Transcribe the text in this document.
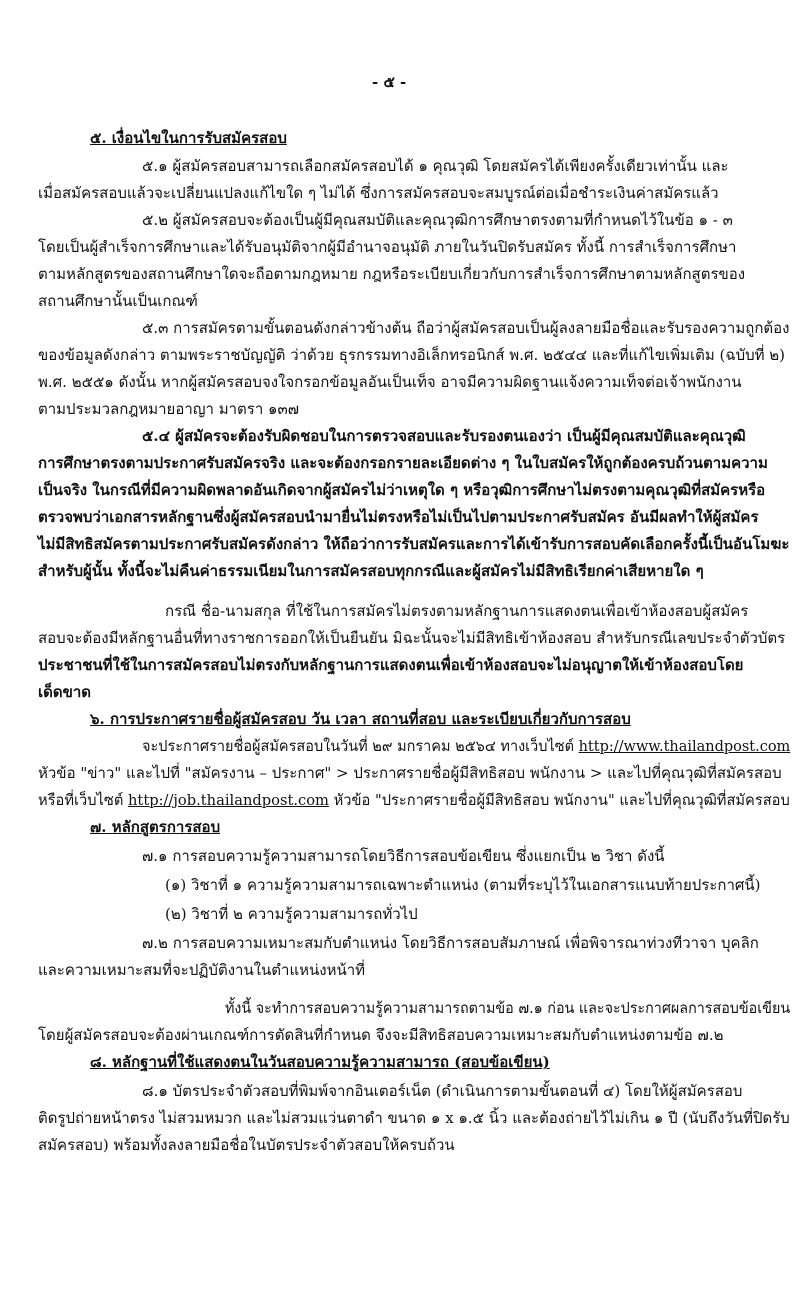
- ๕ -
๕. เงื่อนไขในการรับสมัครสอบ
๕.๑ ผู้สมัครสอบสามารถเลือกสมัครสอบได้ ๑ คุณวุฒิ โดยสมัครได้เพียงครั้งเดียวเท่านั้น และ
เมื่อสมัครสอบแล้วจะเปลี่ยนแปลงแก้ไขใด ๆ ไม่ได้ ซึ่งการสมัครสอบจะสมบูรณ์ต่อเมื่อชำระเงินค่าสมัครแล้ว
๕.๒ ผู้สมัครสอบจะต้องเป็นผู้มีคุณสมบัติและคุณวุฒิการศึกษาตรงตามที่กำหนดไว้ในข้อ ๑ - ๓
โดยเป็นผู้สำเร็จการศึกษาและได้รับอนุมัติจากผู้มีอำนาจอนุมัติ ภายในวันปิดรับสมัคร ทั้งนี้ การสำเร็จการศึกษา
ตามหลักสูตรของสถานศึกษาใดจะถือตามกฎหมาย กฎหรือระเบียบเกี่ยวกับการสำเร็จการศึกษาตามหลักสูตรของ
สถานศึกษานั้นเป็นเกณฑ์
๕.๓ การสมัครตามขั้นตอนดังกล่าวข้างต้น ถือว่าผู้สมัครสอบเป็นผู้ลงลายมือชื่อและรับรองความถูกต้อง
ของข้อมูลดังกล่าว ตามพระราชบัญญัติ ว่าด้วย ธุรกรรมทางอิเล็กทรอนิกส์ พ.ศ. ๒๕๔๔ และที่แก้ไขเพิ่มเติม (ฉบับที่ ๒)
พ.ศ. ๒๕๕๑ ดังนั้น หากผู้สมัครสอบจงใจกรอกข้อมูลอันเป็นเท็จ อาจมีความผิดฐานแจ้งความเท็จต่อเจ้าพนักงาน
ตามประมวลกฎหมายอาญา มาตรา ๑๓๗
๕.๔ ผู้สมัครจะต้องรับผิดชอบในการตรวจสอบและรับรองตนเองว่า เป็นผู้มีคุณสมบัติและคุณวุฒิ
การศึกษาตรงตามประกาศรับสมัครจริง และจะต้องกรอกรายละเอียดต่าง ๆ ในใบสมัครให้ถูกต้องครบถ้วนตามความ
เป็นจริง ในกรณีที่มีความผิดพลาดอันเกิดจากผู้สมัครไม่ว่าเหตุใด ๆ หรือวุฒิการศึกษาไม่ตรงตามคุณวุฒิที่สมัครหรือ
ตรวจพบว่าเอกสารหลักฐานซึ่งผู้สมัครสอบนำมายื่นไม่ตรงหรือไม่เป็นไปตามประกาศรับสมัคร อันมีผลทำให้ผู้สมัคร
ไม่มีสิทธิสมัครตามประกาศรับสมัครดังกล่าว ให้ถือว่าการรับสมัครและการได้เข้ารับการสอบคัดเลือกครั้งนี้เป็นอันโมฆะ
สำหรับผู้นั้น ทั้งนี้จะไม่คืนค่าธรรมเนียมในการสมัครสอบทุกกรณีและผู้สมัครไม่มีสิทธิเรียกค่าเสียหายใด ๆ
กรณี ชื่อ-นามสกุล ที่ใช้ในการสมัครไม่ตรงตามหลักฐานการแสดงตนเพื่อเข้าห้องสอบผู้สมัคร
สอบจะต้องมีหลักฐานอื่นที่ทางราชการออกให้เป็นยืนยัน มิฉะนั้นจะไม่มีสิทธิเข้าห้องสอบ สำหรับกรณีเลขประจำตัวบัตร
ประชาชนที่ใช้ในการสมัครสอบไม่ตรงกับหลักฐานการแสดงตนเพื่อเข้าห้องสอบจะไม่อนุญาตให้เข้าห้องสอบโดย
เด็ดขาด
๖. การประกาศรายชื่อผู้สมัครสอบ วัน เวลา สถานที่สอบ และระเบียบเกี่ยวกับการสอบ
จะประกาศรายชื่อผู้สมัครสอบในวันที่ ๒๙ มกราคม ๒๕๖๔ ทางเว็บไซต์ http://www.thailandpost.com
หัวข้อ "ข่าว" และไปที่ "สมัครงาน – ประกาศ" > ประกาศรายชื่อผู้มีสิทธิสอบ พนักงาน > และไปที่คุณวุฒิที่สมัครสอบ
หรือที่เว็บไซต์ http://job.thailandpost.com หัวข้อ "ประกาศรายชื่อผู้มีสิทธิสอบ พนักงาน" และไปที่คุณวุฒิที่สมัครสอบ
๗. หลักสูตรการสอบ
๗.๑ การสอบความรู้ความสามารถโดยวิธีการสอบข้อเขียน ซึ่งแยกเป็น ๒ วิชา ดังนี้
(๑) วิชาที่ ๑ ความรู้ความสามารถเฉพาะตำแหน่ง (ตามที่ระบุไว้ในเอกสารแนบท้ายประกาศนี้)
(๒) วิชาที่ ๒ ความรู้ความสามารถทั่วไป
๗.๒ การสอบความเหมาะสมกับตำแหน่ง โดยวิธีการสอบสัมภาษณ์ เพื่อพิจารณาท่วงทีวาจา บุคลิก
และความเหมาะสมที่จะปฏิบัติงานในตำแหน่งหน้าที่
ทั้งนี้ จะทำการสอบความรู้ความสามารถตามข้อ ๗.๑ ก่อน และจะประกาศผลการสอบข้อเขียน
โดยผู้สมัครสอบจะต้องผ่านเกณฑ์การตัดสินที่กำหนด จึงจะมีสิทธิสอบความเหมาะสมกับตำแหน่งตามข้อ ๗.๒
๘. หลักฐานที่ใช้แสดงตนในวันสอบความรู้ความสามารถ (สอบข้อเขียน)
๘.๑ บัตรประจำตัวสอบที่พิมพ์จากอินเตอร์เน็ต (ดำเนินการตามขั้นตอนที่ ๔) โดยให้ผู้สมัครสอบ
ติดรูปถ่ายหน้าตรง ไม่สวมหมวก และไม่สวมแว่นตาดำ ขนาด ๑ x ๑.๕ นิ้ว และต้องถ่ายไว้ไม่เกิน ๑ ปี (นับถึงวันที่ปิดรับ
สมัครสอบ) พร้อมทั้งลงลายมือชื่อในบัตรประจำตัวสอบให้ครบถ้วน
